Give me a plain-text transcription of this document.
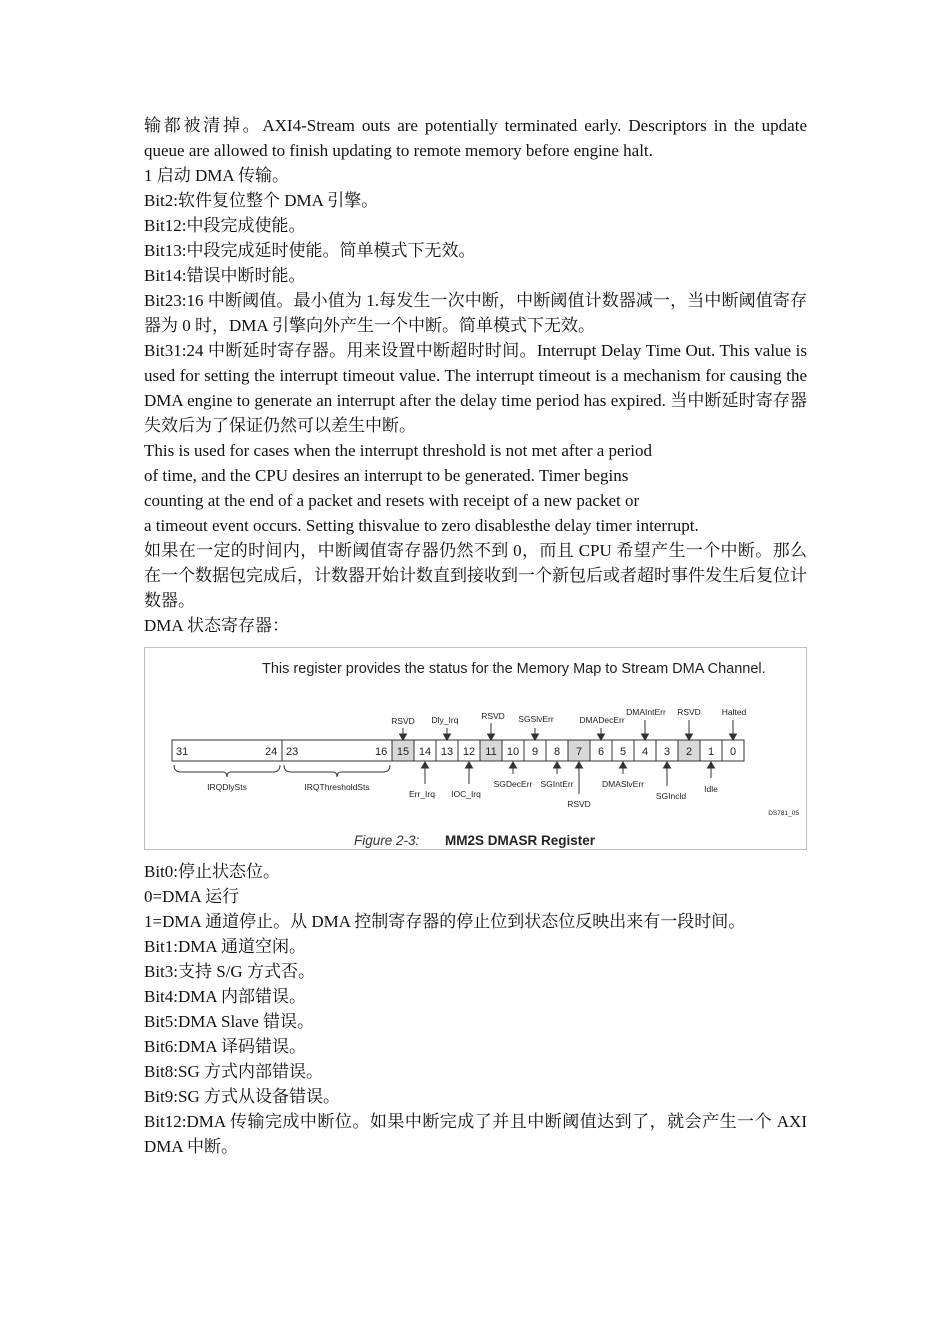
输都被清掉。AXI4-Stream outs are potentially terminated early. Descriptors in the update queue are allowed to finish updating to remote memory before engine halt.

1 启动 DMA 传输。

Bit2:软件复位整个 DMA 引擎。

Bit12:中段完成使能。

Bit13:中段完成延时使能。简单模式下无效。

Bit14:错误中断时能。

Bit23:16 中断阈值。最小值为 1.每发生一次中断，中断阈值计数器减一，当中断阈值寄存器为 0 时，DMA 引擎向外产生一个中断。简单模式下无效。

Bit31:24 中断延时寄存器。用来设置中断超时时间。Interrupt Delay Time Out. This value is used for setting the interrupt timeout value. The interrupt timeout is a mechanism for causing the DMA engine to generate an interrupt after the delay time period has expired. 当中断延时寄存器失效后为了保证仍然可以差生中断。

This is used for cases when the interrupt threshold is not met after a period

of time, and the CPU desires an interrupt to be generated. Timer begins

counting at the end of a packet and resets with receipt of a new packet or

a timeout event occurs. Setting thisvalue to zero disablesthe delay timer interrupt.

如果在一定的时间内，中断阈值寄存器仍然不到 0，而且 CPU 希望产生一个中断。那么在一个数据包完成后，计数器开始计数直到接收到一个新包后或者超时事件发生后复位计数器。

DMA 状态寄存器：

This register provides the status for the Memory Map to Stream DMA Channel.
31	24 23	16 15 14 13 12 11 10 9 8 7 6 5 4 3 2 1 0
RSVD Dly_Irq	RSVD SGSlvErr	DMADecErr
DMAIntErr RSVD Halted
IRQDlySts	IRQThresholdSts
Err_Irq IOC_Irq
SGDecErr SGIntErr
RSVD
DMASlvErr
SGIncld
Idle
DS781_05
Figure 2-3: MM2S DMASR Register

Bit0:停止状态位。

0=DMA 运行

1=DMA 通道停止。从 DMA 控制寄存器的停止位到状态位反映出来有一段时间。

Bit1:DMA 通道空闲。

Bit3:支持 S/G 方式否。

Bit4:DMA 内部错误。

Bit5:DMA Slave 错误。

Bit6:DMA 译码错误。

Bit8:SG 方式内部错误。

Bit9:SG 方式从设备错误。

Bit12:DMA 传输完成中断位。如果中断完成了并且中断阈值达到了，就会产生一个 AXI DMA 中断。
